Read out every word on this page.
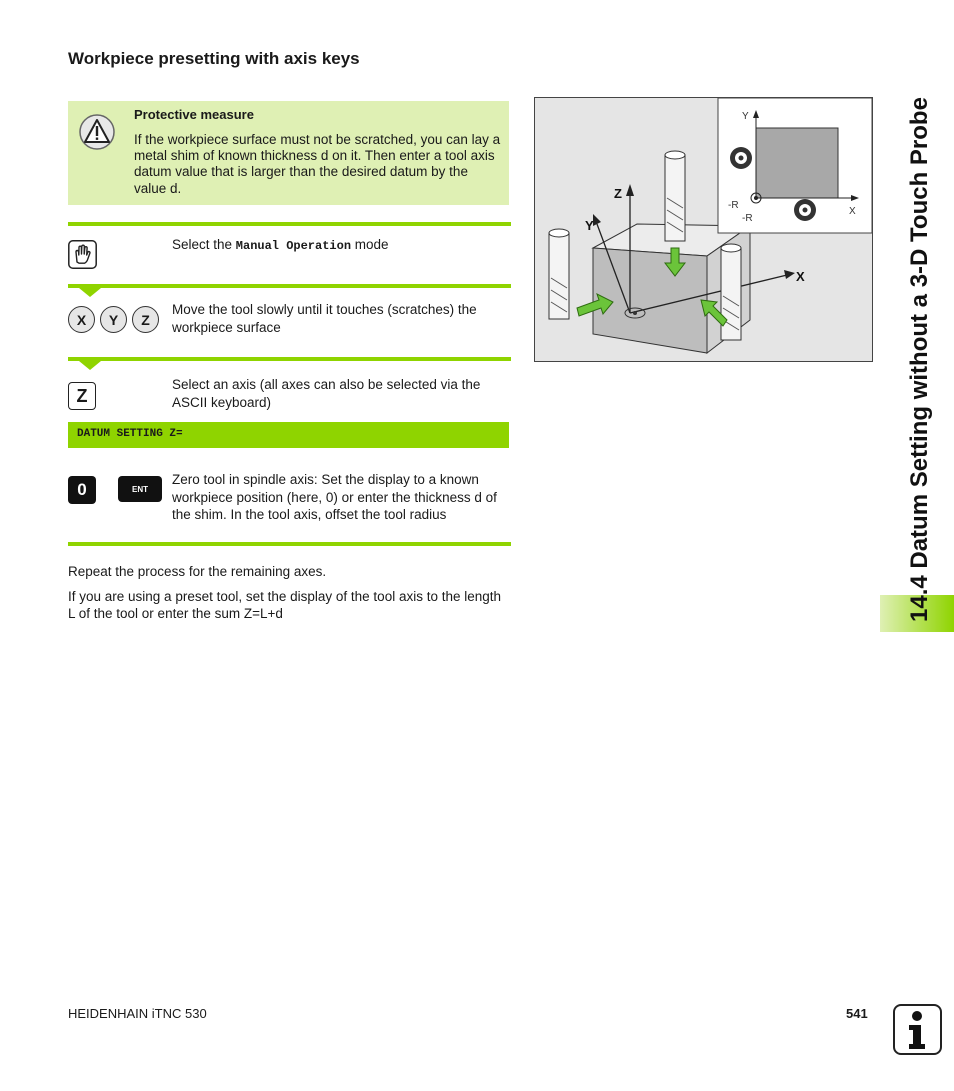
Workpiece presetting with axis keys
Protective measure
If the workpiece surface must not be scratched, you can lay a metal shim of known thickness d on it. Then enter a tool axis datum value that is larger than the desired datum by the value d.
Select the Manual Operation mode
X	Y	Z
Move the tool slowly until it touches (scratches) the workpiece surface
Z
Select an axis (all axes can also be selected via the ASCII keyboard)
DATUM SETTING Z=
0	ENT
Zero tool in spindle axis: Set the display to a known workpiece position (here, 0) or enter the thickness d of the shim. In the tool axis, offset the tool radius
Repeat the process for the remaining axes.
If you are using a preset tool, set the display of the tool axis to the length L of the tool or enter the sum Z=L+d
Z
Y
X
Y
X
-R
-R	14.4 Datum Setting without a 3-D Touch Probe
HEIDENHAIN iTNC 530	541
